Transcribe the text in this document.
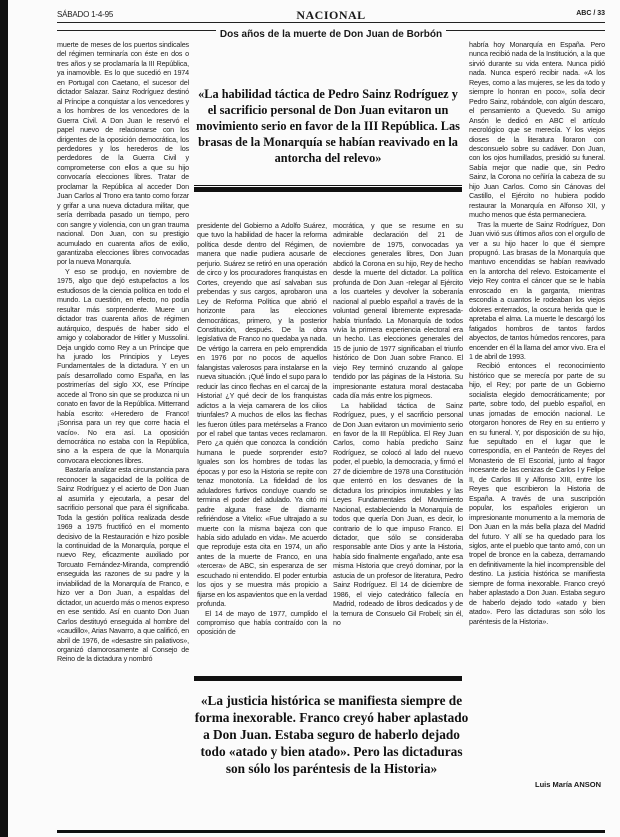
SÁBADO 1-4-95	NACIONAL	ABC / 33
Dos años de la muerte de Don Juan de Borbón

muerte de meses de los puertos sindicales del régimen terminaría con éste en dos o tres años y se proclamaría la III República, ya inamovible. Es lo que sucedió en 1974 en Portugal con Caetano, el sucesor del dictador Salazar. Sainz Rodríguez destinó al Príncipe a conquistar a los vencedores y a los hombres de los vencedores de la Guerra Civil. A Don Juan le reservó el papel nuevo de relacionarse con los dirigentes de la oposición democrática, los perdedores y los herederos de los perdedores de la Guerra Civil y comprometerse con ellos a que su hijo convocaría elecciones libres. Tratar de proclamar la República al acceder Don Juan Carlos al Trono era tanto como forzar y grifar a una nueva dictadura militar, que sería derribada pasado un tiempo, pero con sangre y violencia, con un gran trauma nacional. Don Juan, con su prestigio acumulado en cuarenta años de exilio, garantizaba elecciones libres convocadas por la nueva Monarquía.

Y eso se produjo, en noviembre de 1975, algo que dejó estupefactos a los estudiosos de la ciencia política en todo el mundo. La cuestión, en efecto, no podía resultar más sorprendente. Muere un dictador tras cuarenta años de régimen autárquico, después de haber sido el amigo y colaborador de Hitler y Mussolini. Deja ungido como Rey a un Príncipe que ha jurado los Principios y Leyes Fundamentales de la dictadura. Y en un país desarrollado como España, en las postrimerías del siglo XX, ese Príncipe accede al Trono sin que se produzca ni un conato en favor de la República. Mitterrand había escrito: «Heredero de Franco! ¡Sonrisa para un rey que corre hacia el vacío». No era así. La oposición democrática no estaba con la República, sino a la espera de que la Monarquía convocara elecciones libres.

Bastaría analizar esta circunstancia para reconocer la sagacidad de la política de Sainz Rodríguez y el acierto de Don Juan al asumirla y ejecutarla, a pesar del sacrificio personal que para él significaba. Toda la gestión política realizada desde 1969 a 1975 fructificó en el momento decisivo de la Restauración e hizo posible la continuidad de la Monarquía, porque el nuevo Rey, eficazmente auxiliado por Torcuato Fernández-Miranda, comprendió enseguida las razones de su padre y la inviabilidad de la Monarquía de Franco, e hizo ver a Don Juan, a espaldas del dictador, un acuerdo más o menos expreso en ese sentido. Así en cuanto Don Juan Carlos destituyó enseguida al hombre del «caudillo», Arias Navarro, a que calificó, en abril de 1976, de «desastre sin paliativos», organizó clamorosamente al Consejo de Reino de la dictadura y nombró

«La habilidad táctica de Pedro Sainz Rodríguez y el sacrificio personal de Don Juan evitaron un movimiento serio en favor de la III República. Las brasas de la Monarquía se habían reavivado en la antorcha del relevo»

presidente del Gobierno a Adolfo Suárez, que tuvo la habilidad de hacer la reforma política desde dentro del Régimen, de manera que nadie pudiera acusarle de perjurio. Suárez se retiró en una operación de circo y los procuradores franquistas en Cortes, creyendo que así salvaban sus prebendas y sus cargos, aprobaron una Ley de Reforma Política que abrió el horizonte para las elecciones democráticas, primero, y la posterior Constitución, después. De la obra legislativa de Franco no quedaba ya nada. De vértigo la carrera en pelo emprendida en 1976 por no pocos de aquellos falangistas valerosos para instalarse en la nueva situación. ¡Qué lindo el supo para lo reducir las cinco flechas en el carcaj de la Historia! ¿Y qué decir de los franquistas adictos a la vieja camarera de los cilios triunfales? A muchos de ellos las flechas les fueron útiles para metérselas a Franco por el rabel que tantas veces reclamaron. Pero ¿a quién que conozca la condición humana le puede sorprender esto? Iguales son los hombres de todas las épocas y por eso la Historia se repite con tenaz monotonía. La fidelidad de los aduladores furtivos concluye cuando se termina el poder del adulado. Ya citó mi padre alguna frase de diamante refiriéndose a Vitelio: «Fue ultrajado a su muerte con la misma bajeza con que había sido adulado en vida». Me acuerdo que reproduje esta cita en 1974, un año antes de la muerte de Franco, en una «tercera» de ABC, sin esperanza de ser escuchado ni entendido. El poder enturbia los ojos y se muestra más propicio a fijarse en los aspavientos que en la verdad profunda.

El 14 de mayo de 1977, cumplido el compromiso que había contraído con la oposición de

mocrática, y que se resume en su admirable declaración del 21 de noviembre de 1975, convocadas ya elecciones generales libres, Don Juan abdicó la Corona en su hijo, Rey de hecho desde la muerte del dictador. La política profunda de Don Juan -relegar al Ejército a los cuarteles y devolver la soberanía nacional al pueblo español a través de la voluntad general libremente expresada- había triunfado. La Monarquía de todos vivía la primera experiencia electoral era un hecho. Las elecciones generales del 15 de junio de 1977 significaban el triunfo histórico de Don Juan sobre Franco. El viejo Rey terminó cruzando al galope tendido por las páginas de la Historia. Su impresionante estatura moral destacaba cada día más entre los pigmeos.

La habilidad táctica de Sainz Rodríguez, pues, y el sacrificio personal de Don Juan evitaron un movimiento serio en favor de la III República. El Rey Juan Carlos, como había predicho Sainz Rodríguez, se colocó al lado del nuevo poder, el pueblo, la democracia, y firmó el 27 de diciembre de 1978 una Constitución que enterró en los desvanes de la dictadura los principios inmutables y las Leyes Fundamentales del Movimiento Nacional, estableciendo la Monarquía de todos que quería Don Juan, es decir, lo contrario de lo que impuso Franco. El dictador, que sólo se consideraba responsable ante Dios y ante la Historia, había sido finalmente engañado, ante esa misma Historia que creyó dominar, por la astucia de un profesor de literatura, Pedro Sainz Rodríguez. El 14 de diciembre de 1986, el viejo catedrático fallecía en Madrid, rodeado de libros dedicados y de la ternura de Consuelo Gil Frobeli; sin él, no

«La justicia histórica se manifiesta siempre de forma inexorable. Franco creyó haber aplastado a Don Juan. Estaba seguro de haberlo dejado todo «atado y bien atado». Pero las dictaduras son sólo los paréntesis de la Historia»

habría hoy Monarquía en España. Pero nunca recibió nada de la Institución, a la que sirvió durante su vida entera. Nunca pidió nada. Nunca esperó recibir nada. «A los Reyes, como a las mujeres, se les da todo y siempre lo honran en poco», solía decir Pedro Sainz, robándole, con algún descaro, el pensamiento a Quevedo. Su amigo Ansón le dedicó en ABC el artículo necrológico que se merecía. Y los viejos dioses de la literatura lloraron con desconsuelo sobre su cadáver. Don Juan, con los ojos humillados, presidió su funeral. Sabía mejor que nadie que, sin Pedro Sainz, la Corona no ceñiría la cabeza de su hijo Juan Carlos. Como sin Cánovas del Castillo, el Ejército no hubiera podido restaurar la Monarquía en Alfonso XII, y mucho menos que ésta permaneciera.

Tras la muerte de Sainz Rodríguez, Don Juan vivió sus últimos años con el orgullo de ver a su hijo hacer lo que él siempre propugnó. Las brasas de la Monarquía que mantuvo encendidas se habían reavivado en la antorcha del relevo. Estoicamente el viejo Rey contra el cáncer que se le había enroscado en la garganta, mientras escondía a cuantos le rodeaban los viejos dolores enterrados, la oscura herida que le apretaba el alma. La muerte le descargó los fatigados hombros de tantos fardos abyectos, de tantos húmedos rencores, para encender en él la llama del amor vivo. Era el 1 de abril de 1993.

Recibió entonces el reconocimiento histórico que se merecía por parte de su hijo, el Rey; por parte de un Gobierno socialista elegido democráticamente; por parte, sobre todo, del pueblo español, en unas jornadas de emoción nacional. Le otorgaron honores de Rey en su entierro y en su funeral. Y, por disposición de su hijo, fue sepultado en el lugar que le correspondía, en el Panteón de Reyes del Monasterio de El Escorial, junto al fragor incesante de las cenizas de Carlos I y Felipe II, de Carlos III y Alfonso XIII, entre los Reyes que escribieron la Historia de España. A través de una suscripción popular, los españoles erigieron un impresionante monumento a la memoria de Don Juan en la más bella plaza del Madrid del futuro. Y allí se ha quedado para los siglos, ante el pueblo que tanto amó, con un tropel de bronce en la cabeza, derramando en definitivamente la hiel incomprensible del destino. La justicia histórica se manifiesta siempre de forma inexorable. Franco creyó haber aplastado a Don Juan. Estaba seguro de haberlo dejado todo «atado y bien atado». Pero las dictaduras son sólo los paréntesis de la Historia».

Luis María ANSON
